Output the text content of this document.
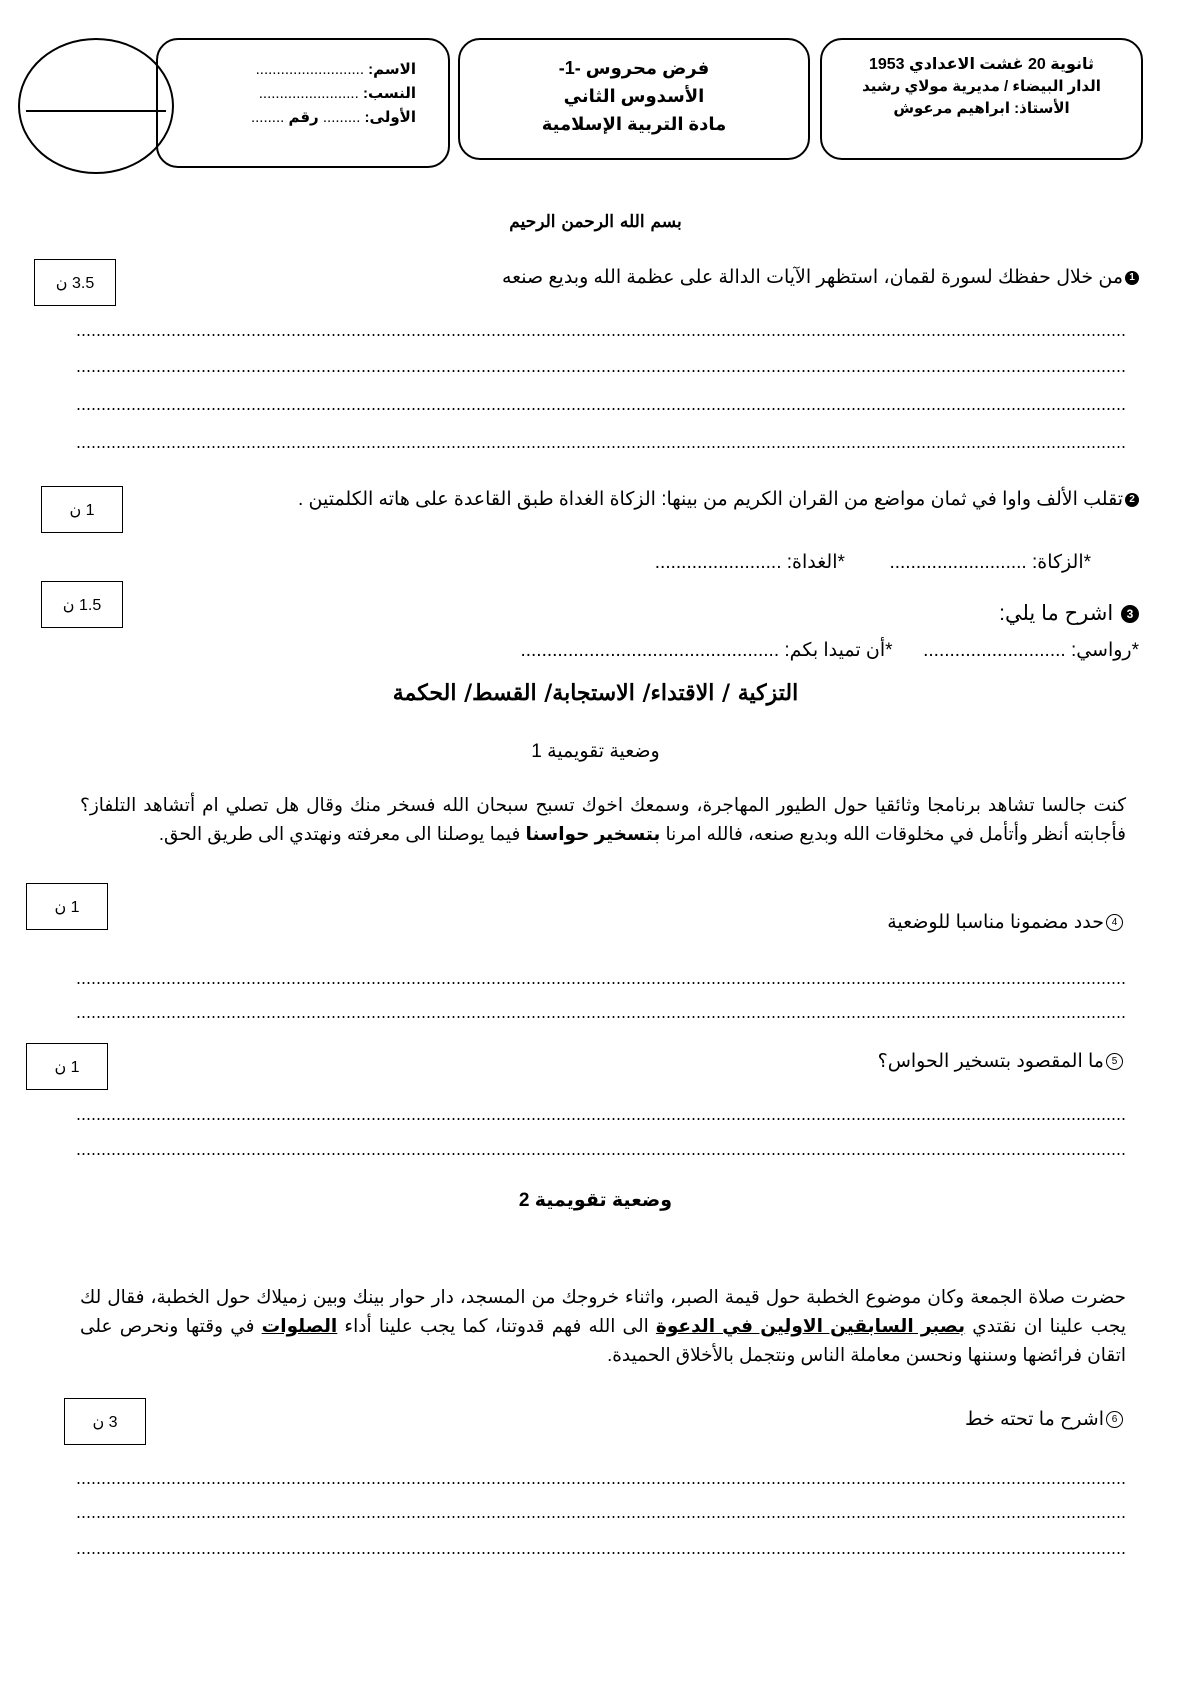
ثانوية 20 غشت الاعدادي 1953
الدار البيضاء / مديرية مولاي رشيد
الأستاذ: ابراهيم مرعوش
فرض محروس -1-
الأسدوس الثاني
مادة التربية الإسلامية
الاسم: ..........................
النسب: ........................
الأولى: ......... رقم ........
بسم الله الرحمن الرحيم
1من خلال حفظك لسورة لقمان، استظهر الآيات الدالة على عظمة الله وبديع صنعه
3.5 ن
2تقلب الألف واوا في ثمان مواضع من القران الكريم من بينها: الزكاة الغداة طبق القاعدة على هاته الكلمتين .
1 ن
*الزكاة: ..........................  *الغداة: ........................
1.5 ن
3 اشرح ما يلي:
*رواسي: ...........................  *أن تميدا بكم: .................................................
التزكية / الاقتداء/ الاستجابة/ القسط/ الحكمة
وضعية تقويمية 1
كنت جالسا تشاهد برنامجا وثائقيا حول الطيور المهاجرة، وسمعك اخوك تسبح سبحان الله فسخر منك وقال هل تصلي ام أتشاهد التلفاز؟ فأجابته أنظر وأتأمل في مخلوقات الله وبديع صنعه، فالله امرنا بتسخير حواسنا فيما يوصلنا الى معرفته ونهتدي الى طريق الحق.
1 ن
4حدد مضمونا مناسبا للوضعية
1 ن	5ما المقصود بتسخير الحواس؟
وضعية تقويمية 2
حضرت صلاة الجمعة وكان موضوع الخطبة حول قيمة الصبر، واثناء خروجك من المسجد، دار حوار بينك وبين زميلاك حول الخطبة، فقال لك يجب علينا ان نقتدي بصبر السابقين الاولين في الدعوة الى الله فهم قدوتنا، كما يجب علينا أداء الصلوات في وقتها ونحرص على اتقان فرائضها وسننها ونحسن معاملة الناس ونتجمل بالأخلاق الحميدة.
3 ن	6اشرح ما تحته خط
